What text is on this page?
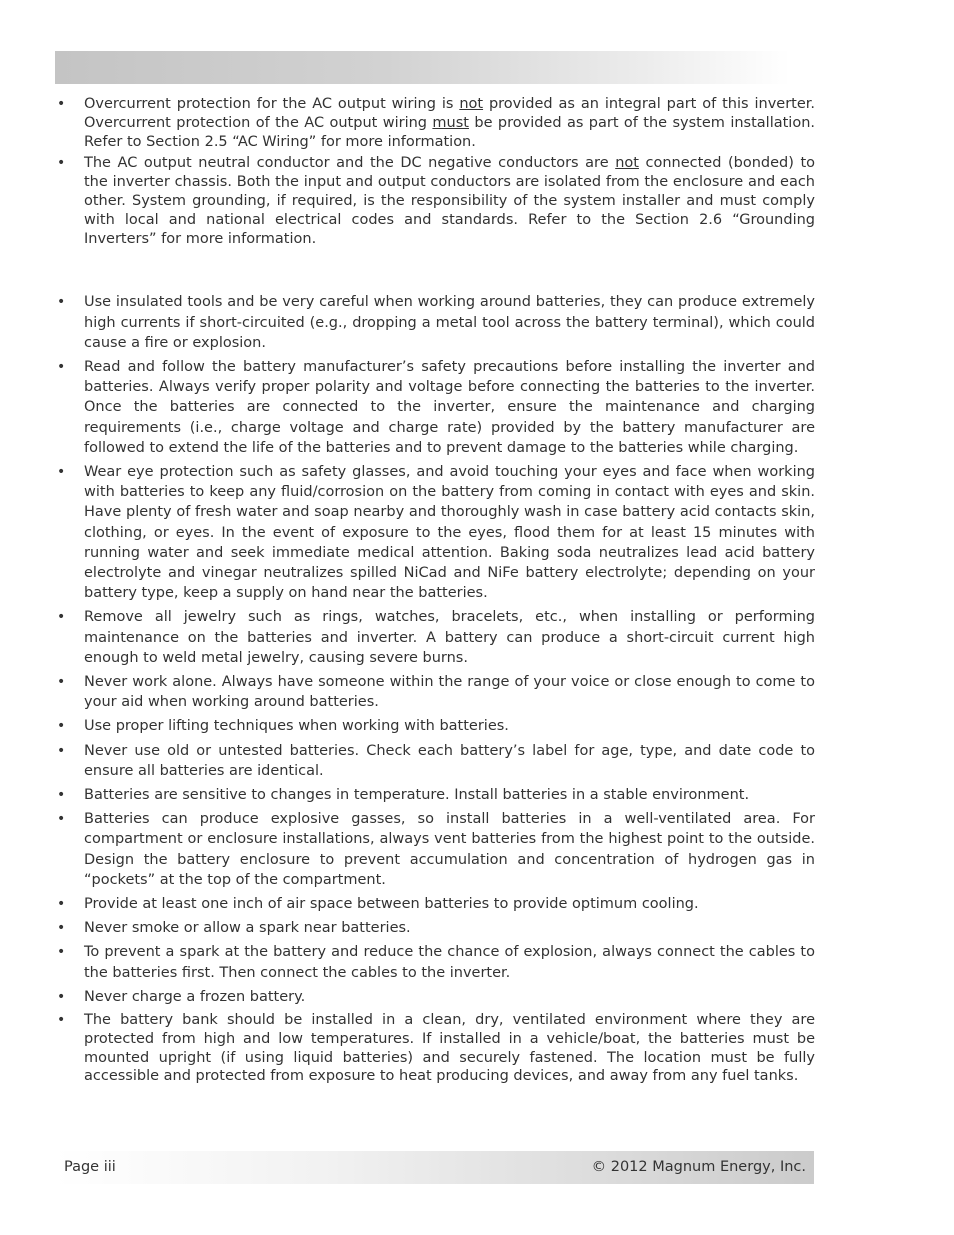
• Overcurrent protection for the AC output wiring is not provided as an integral part of this inverter. Overcurrent protection of the AC output wiring must be provided as part of the system installation. Refer to Section 2.5 “AC Wiring” for more information.
• The AC output neutral conductor and the DC negative conductors are not connected (bonded) to the inverter chassis. Both the input and output conductors are isolated from the enclosure and each other. System grounding, if required, is the responsibility of the system installer and must comply with local and national electrical codes and standards. Refer to the Section 2.6 “Grounding Inverters” for more information.
• Use insulated tools and be very careful when working around batteries, they can produce extremely high currents if short-circuited (e.g., dropping a metal tool across the battery terminal), which could cause a fire or explosion.
• Read and follow the battery manufacturer’s safety precautions before installing the inverter and batteries. Always verify proper polarity and voltage before connecting the batteries to the inverter. Once the batteries are connected to the inverter, ensure the maintenance and charging requirements (i.e., charge voltage and charge rate) provided by the battery manufacturer are followed to extend the life of the batteries and to prevent damage to the batteries while charging.
• Wear eye protection such as safety glasses, and avoid touching your eyes and face when working with batteries to keep any fluid/corrosion on the battery from coming in contact with eyes and skin. Have plenty of fresh water and soap nearby and thoroughly wash in case battery acid contacts skin, clothing, or eyes. In the event of exposure to the eyes, flood them for at least 15 minutes with running water and seek immediate medical attention. Baking soda neutralizes lead acid battery electrolyte and vinegar neutralizes spilled NiCad and NiFe battery electrolyte; depending on your battery type, keep a supply on hand near the batteries.
• Remove all jewelry such as rings, watches, bracelets, etc., when installing or performing maintenance on the batteries and inverter. A battery can produce a short-circuit current high enough to weld metal jewelry, causing severe burns.
• Never work alone. Always have someone within the range of your voice or close enough to come to your aid when working around batteries.
• Use proper lifting techniques when working with batteries.
• Never use old or untested batteries. Check each battery’s label for age, type, and date code to ensure all batteries are identical.
• Batteries are sensitive to changes in temperature. Install batteries in a stable environment.
• Batteries can produce explosive gasses, so install batteries in a well-ventilated area. For compartment or enclosure installations, always vent batteries from the highest point to the outside. Design the battery enclosure to prevent accumulation and concentration of hydrogen gas in “pockets” at the top of the compartment.
• Provide at least one inch of air space between batteries to provide optimum cooling.
• Never smoke or allow a spark near batteries.
• To prevent a spark at the battery and reduce the chance of explosion, always connect the cables to the batteries first. Then connect the cables to the inverter.
• Never charge a frozen battery.
• The battery bank should be installed in a clean, dry, ventilated environment where they are protected from high and low temperatures. If installed in a vehicle/boat, the batteries must be mounted upright (if using liquid batteries) and securely fastened. The location must be fully accessible and protected from exposure to heat producing devices, and away from any fuel tanks.
Page iii	© 2012 Magnum Energy, Inc.
